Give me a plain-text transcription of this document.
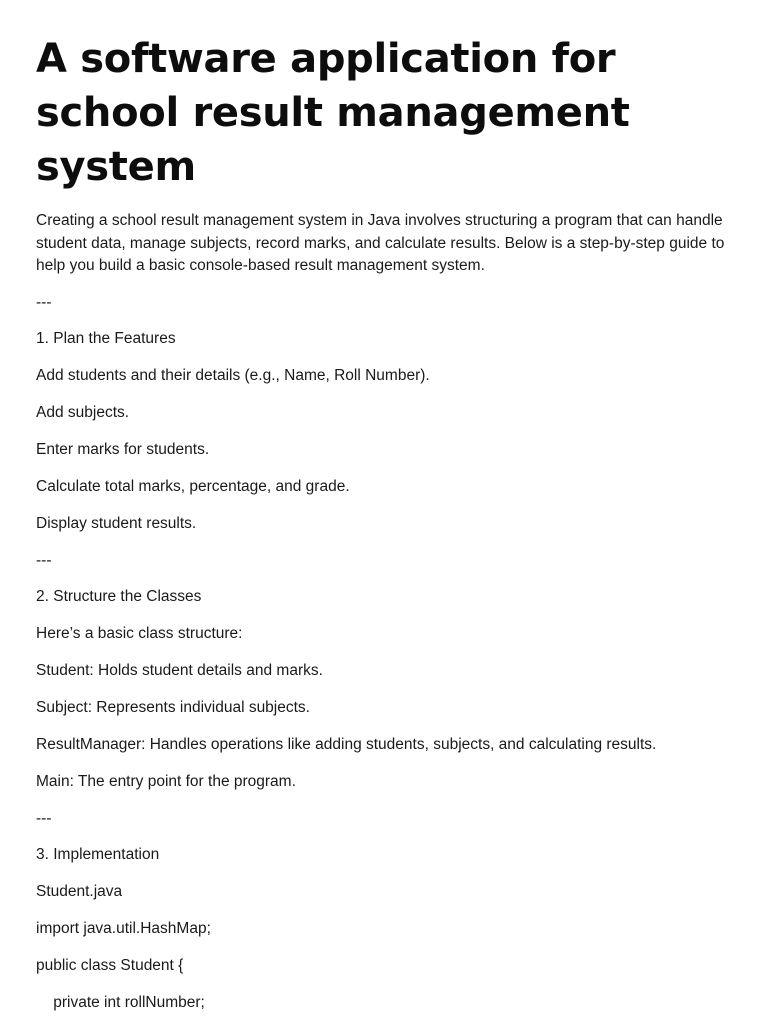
A software application for school result management system

Creating a school result management system in Java involves structuring a program that can handle student data, manage subjects, record marks, and calculate results. Below is a step-by-step guide to help you build a basic console-based result management system.

---
1. Plan the Features
Add students and their details (e.g., Name, Roll Number).
Add subjects.
Enter marks for students.
Calculate total marks, percentage, and grade.
Display student results.
---
2. Structure the Classes
Here’s a basic class structure:
Student: Holds student details and marks.
Subject: Represents individual subjects.
ResultManager: Handles operations like adding students, subjects, and calculating results.
Main: The entry point for the program.
---
3. Implementation
Student.java
import java.util.HashMap;
public class Student {
private int rollNumber;
